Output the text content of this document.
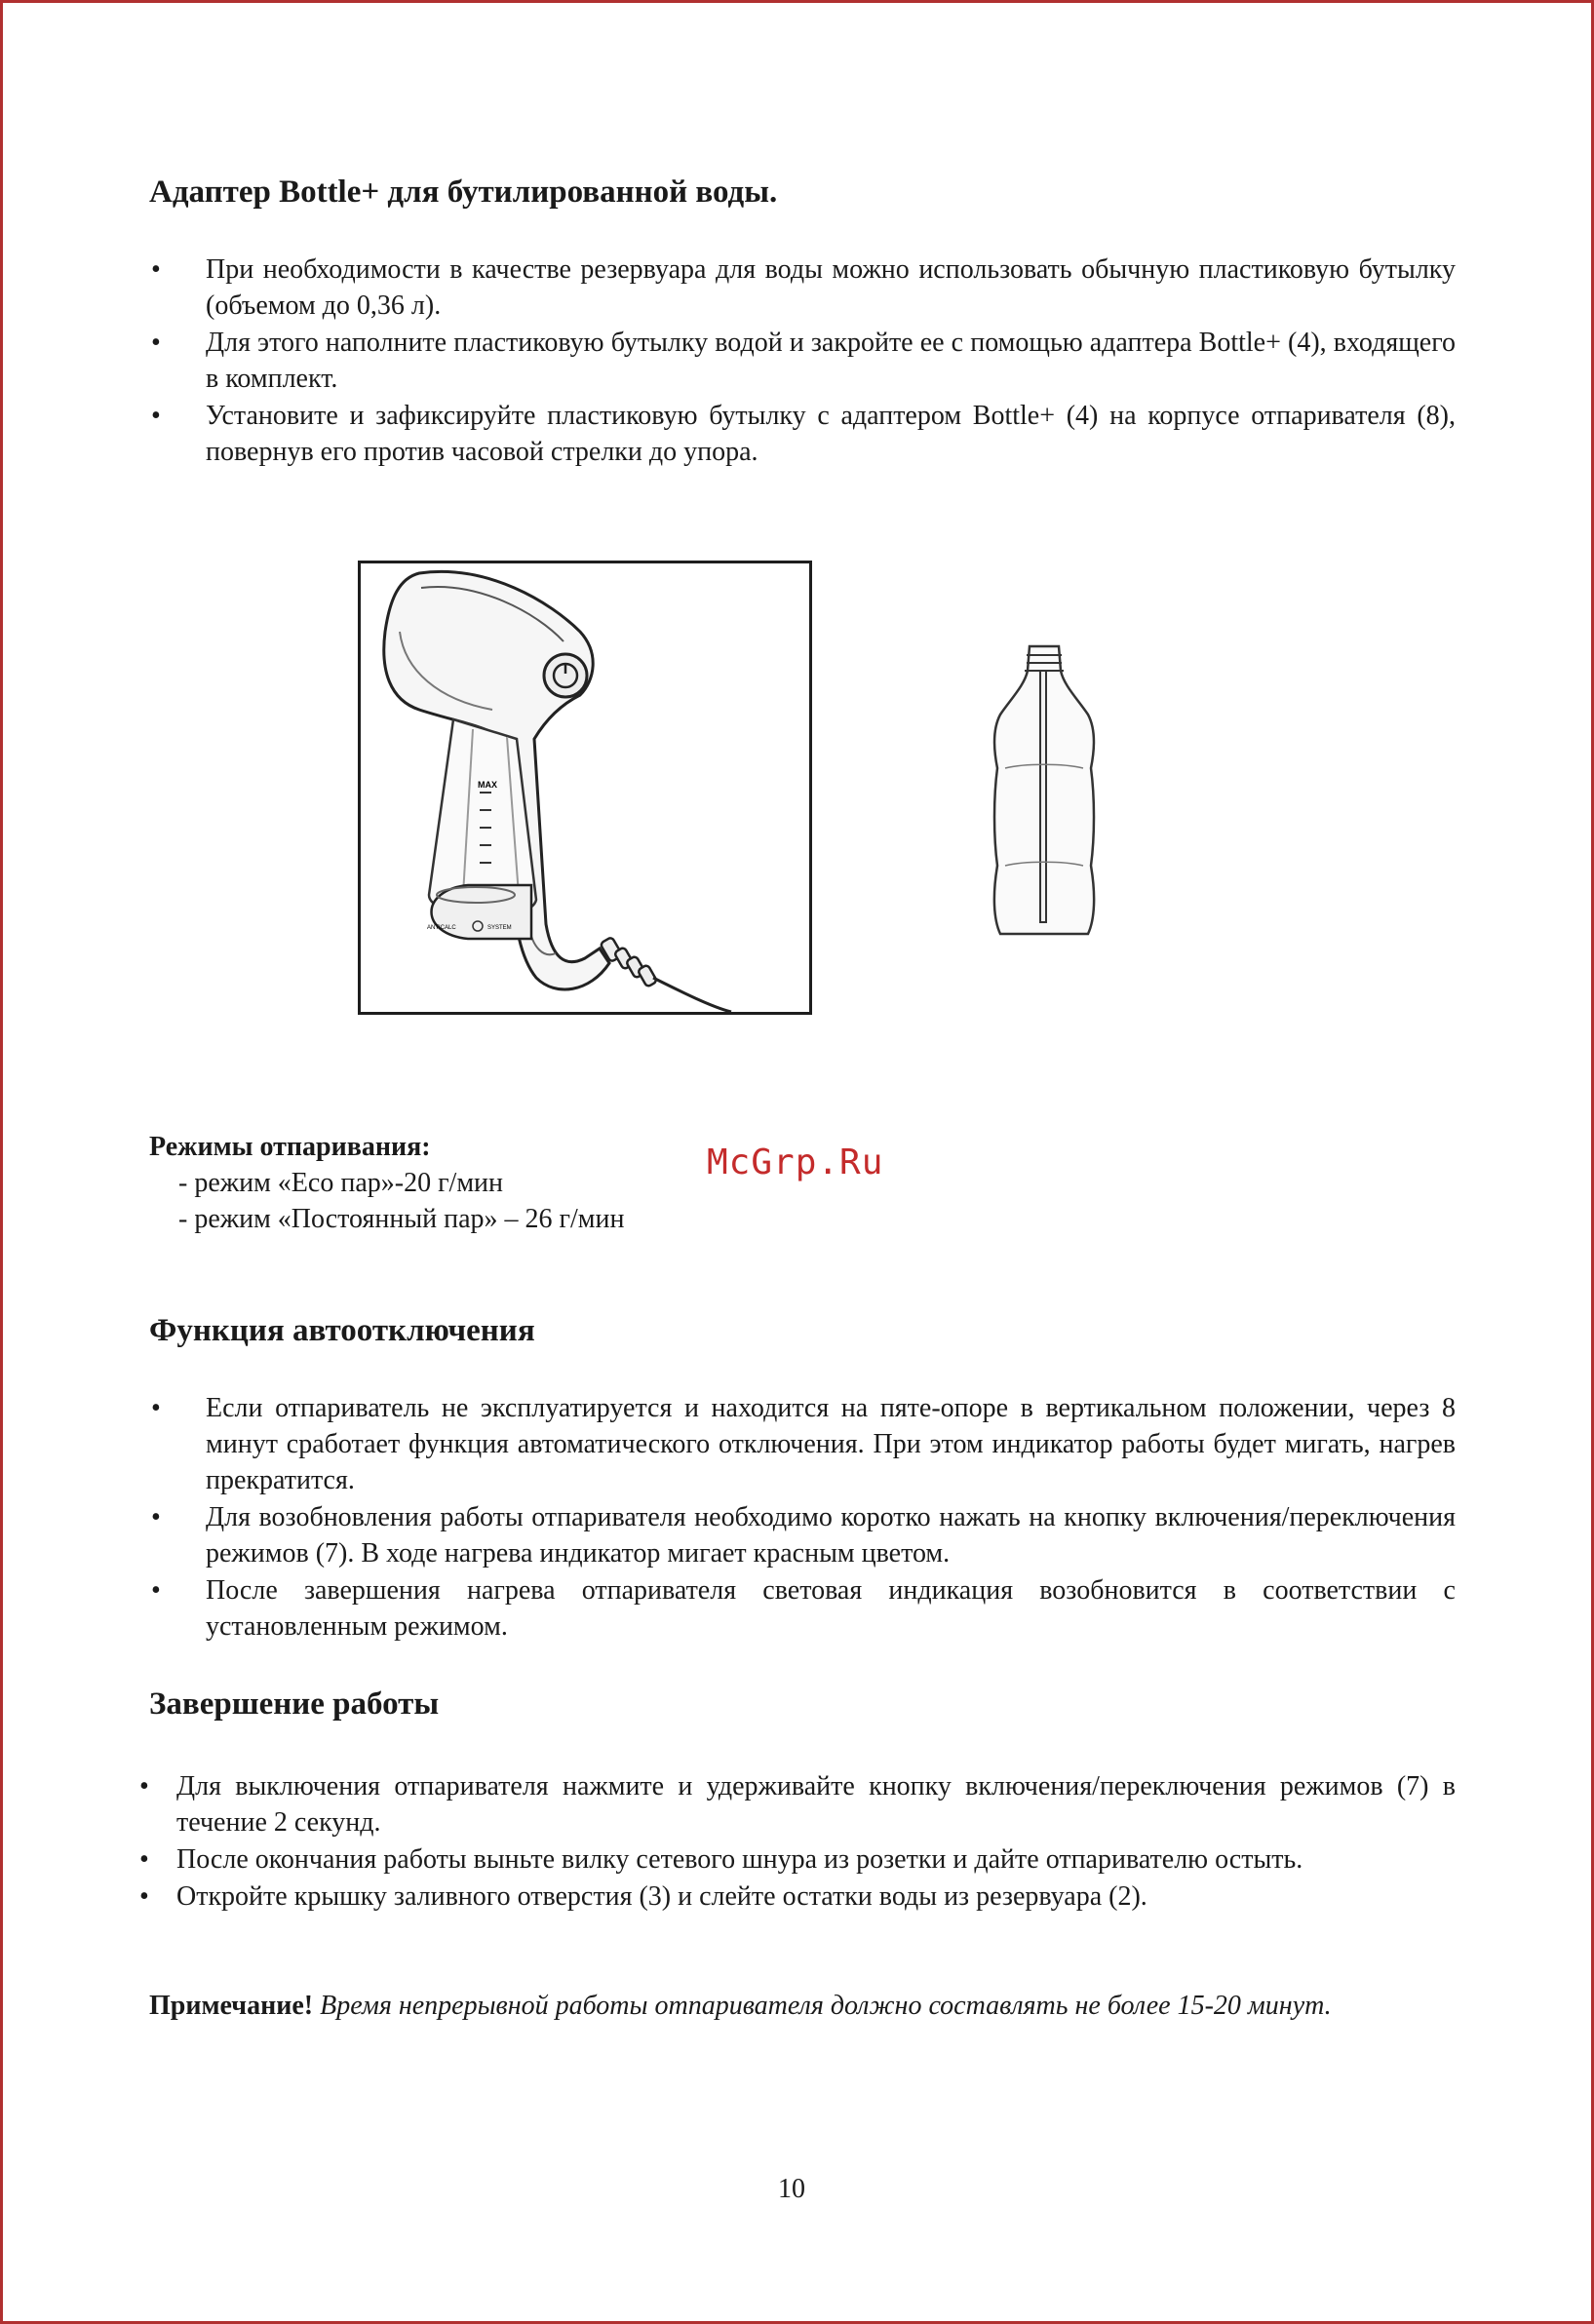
Адаптер Bottle+ для бутилированной воды.
• При необходимости в качестве резервуара для воды можно использовать обычную пластиковую бутылку (объемом до 0,36 л).
• Для этого наполните пластиковую бутылку водой и закройте ее с помощью адаптера Bottle+ (4), входящего в комплект.
• Установите и зафиксируйте пластиковую бутылку с адаптером Bottle+ (4) на корпусе отпаривателя (8), повернув его против часовой стрелки до упора.
MAX
ANTICALC	SYSTEM
Режимы отпаривания:
- режим «Eco пар»-20 г/мин
- режим «Постоянный пар» – 26 г/мин
McGrp.Ru
Функция автоотключения
• Если отпариватель не эксплуатируется и находится на пяте-опоре в вертикальном положении, через 8 минут сработает функция автоматического отключения. При этом индикатор работы будет мигать, нагрев прекратится.
• Для возобновления работы отпаривателя необходимо коротко нажать на кнопку включения/переключения режимов (7). В ходе нагрева индикатор мигает красным цветом.
• После завершения нагрева отпаривателя световая индикация возобновится в соответствии с установленным режимом.
Завершение работы
• Для выключения отпаривателя нажмите и удерживайте кнопку включения/переключения режимов (7) в течение 2 секунд.
• После окончания работы выньте вилку сетевого шнура из розетки и дайте отпаривателю остыть.
• Откройте крышку заливного отверстия (3) и слейте остатки воды из резервуара (2).
Примечание! Время непрерывной работы отпаривателя должно составлять не более 15-20 минут.
10
